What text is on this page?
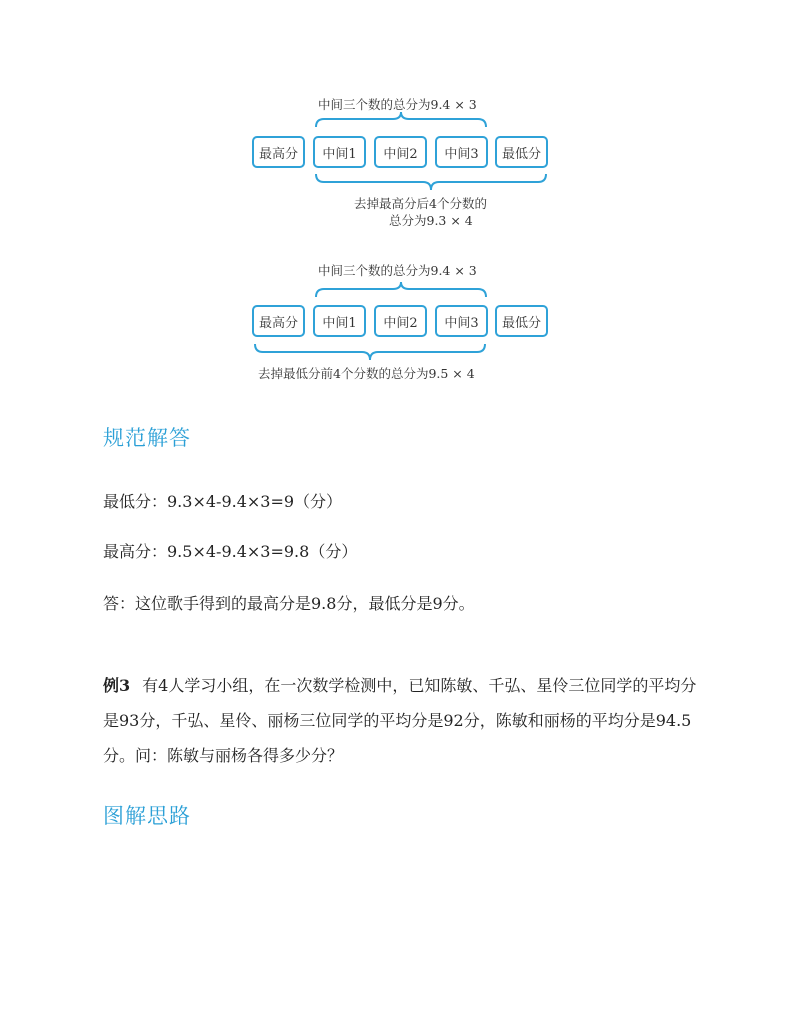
中间三个数的总分为9.4 × 3
最高分	中间1	中间2	中间3	最低分
去掉最高分后4个分数的
总分为9.3 × 4
中间三个数的总分为9.4 × 3
最高分	中间1	中间2	中间3	最低分
去掉最低分前4个分数的总分为9.5 × 4
规范解答
最低分：9.3×4-9.4×3=9（分）
最高分：9.5×4-9.4×3=9.8（分）
答：这位歌手得到的最高分是9.8分，最低分是9分。
例3 有4人学习小组，在一次数学检测中，已知陈敏、千弘、星伶三位同学的平均分是93分，千弘、星伶、丽杨三位同学的平均分是92分，陈敏和丽杨的平均分是94.5分。问：陈敏与丽杨各得多少分？
图解思路
